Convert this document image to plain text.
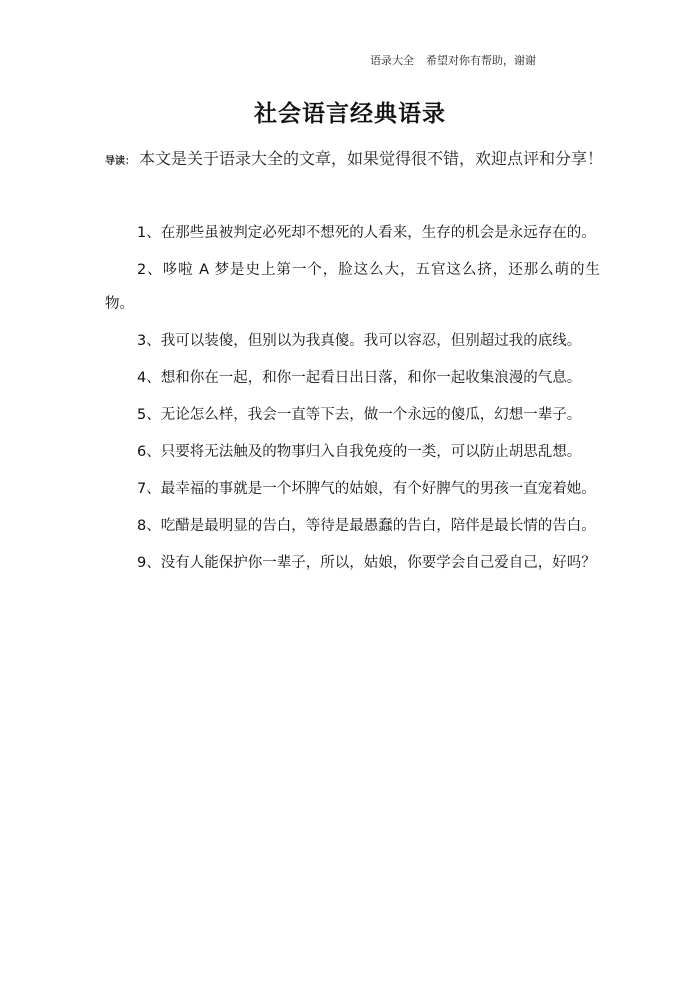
语录大全 希望对你有帮助，谢谢
社会语言经典语录
导读： 本文是关于语录大全的文章，如果觉得很不错，欢迎点评和分享！

1、在那些虽被判定必死却不想死的人看来，生存的机会是永远存在的。

2、哆啦 A 梦是史上第一个，脸这么大，五官这么挤，还那么萌的生物。

3、我可以装傻，但别以为我真傻。我可以容忍，但别超过我的底线。

4、想和你在一起，和你一起看日出日落，和你一起收集浪漫的气息。

5、无论怎么样，我会一直等下去，做一个永远的傻瓜，幻想一辈子。

6、只要将无法触及的物事归入自我免疫的一类，可以防止胡思乱想。

7、最幸福的事就是一个坏脾气的姑娘，有个好脾气的男孩一直宠着她。

8、吃醋是最明显的告白，等待是最愚蠢的告白，陪伴是最长情的告白。

9、没有人能保护你一辈子，所以，姑娘，你要学会自己爱自己，好吗？
